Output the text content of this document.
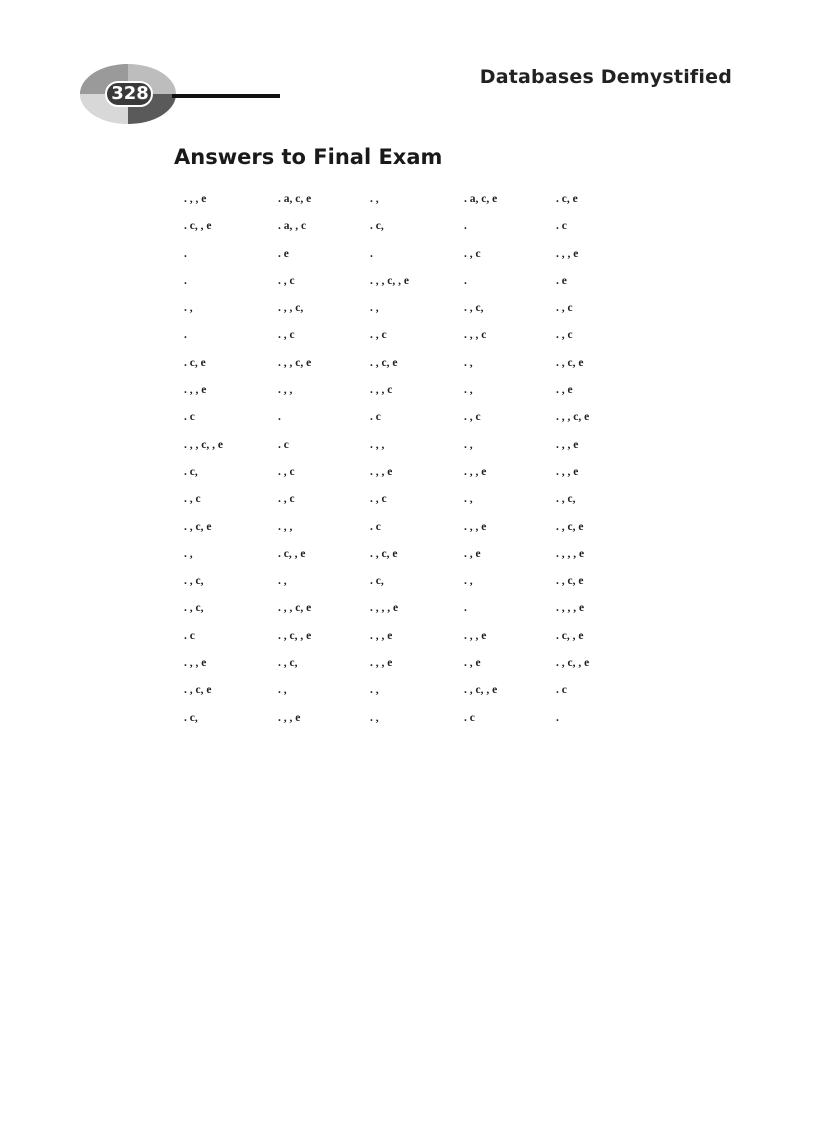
328
Databases Demystified
Answers to Final Exam
. , , e	. a, c, e	. ,	. a, c, e	. c, e
. c, , e	. a, , c	. c,	.	. c
.	. e	.	. , c	. , , e
.	. , c	. , , c, , e	.	. e
. ,	. , , c,	. ,	. , c,	. , c
.	. , c	. , c	. , , c	. , c
. c, e	. , , c, e	. , c, e	. ,	. , c, e
. , , e	. , ,	. , , c	. ,	. , e
. c	.	. c	. , c	. , , c, e
. , , c, , e	. c	. , ,	. ,	. , , e
. c,	. , c	. , , e	. , , e	. , , e
. , c	. , c	. , c	. ,	. , c,
. , c, e	. , ,	. c	. , , e	. , c, e
. ,	. c, , e	. , c, e	. , e	. , , , e
. , c,	. ,	. c,	. ,	. , c, e
. , c,	. , , c, e	. , , , e	.	. , , , e
. c	. , c, , e	. , , e	. , , e	. c, , e
. , , e	. , c,	. , , e	. , e	. , c, , e
. , c, e	. ,	. ,	. , c, , e	. c
. c,	. , , e	. ,	. c	.
